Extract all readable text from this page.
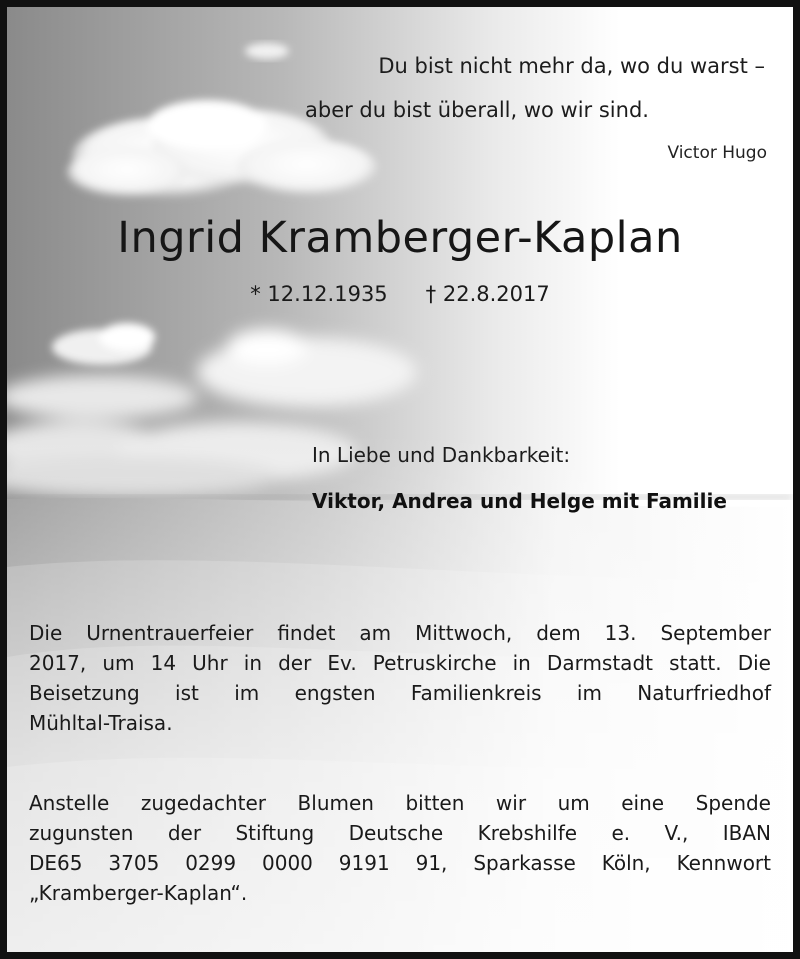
Du bist nicht mehr da, wo du warst –
aber du bist überall, wo wir sind.
Victor Hugo
Ingrid Kramberger-Kaplan
* 12.12.1935 † 22.8.2017
In Liebe und Dankbarkeit:
Viktor, Andrea und Helge mit Familie
Die Urnentrauerfeier findet am Mittwoch, dem 13. September
2017, um 14 Uhr in der Ev. Petruskirche in Darmstadt statt. Die
Beisetzung ist im engsten Familienkreis im Naturfriedhof
Mühltal-Traisa.
Anstelle zugedachter Blumen bitten wir um eine Spende
zugunsten der Stiftung Deutsche Krebshilfe e. V., IBAN
DE65 3705 0299 0000 9191 91, Sparkasse Köln, Kennwort
„Kramberger-Kaplan“.
